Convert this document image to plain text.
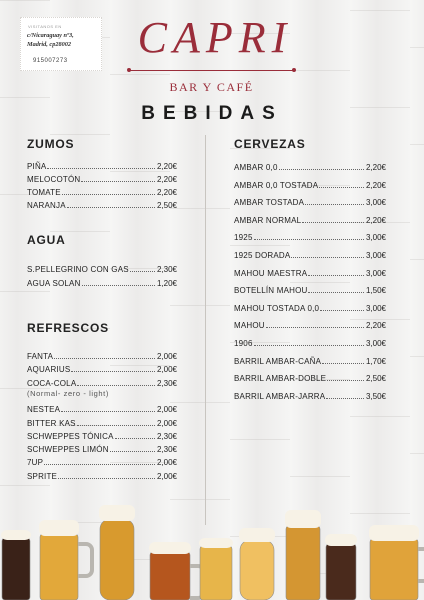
VISITANOS EN
c/Nicaraguay nº3,
Madrid, cp28002
915007273 CAPRI
BAR Y CAFÉ
BEBIDAS
ZUMOS
PIÑA	2,20€
MELOCOTÓN	2,20€
TOMATE	2,20€
NARANJA	2,50€
AGUA
S.PELLEGRINO CON GAS	2,30€
AGUA SOLAN	1,20€
REFRESCOS
FANTA	2,00€
AQUARIUS	2,00€
COCA-COLA	2,30€
(Normal- zero - light)
NESTEA	2,00€
BITTER KAS	2,00€
SCHWEPPES TÓNICA	2,30€
SCHWEPPES LIMÓN	2,30€
7UP	2,00€
SPRITE	2,00€
CERVEZAS
AMBAR 0,0	2,20€
AMBAR 0,0 TOSTADA	2,20€
AMBAR TOSTADA	3,00€
AMBAR NORMAL	2,20€
1925	3,00€
1925 DORADA	3,00€
MAHOU MAESTRA	3,00€
BOTELLÍN MAHOU	1,50€
MAHOU TOSTADA 0,0	3,00€
MAHOU	2,20€
1906	3,00€
BARRIL AMBAR-CAÑA	1,70€
BARRIL AMBAR-DOBLE	2,50€
BARRIL AMBAR-JARRA	3,50€
